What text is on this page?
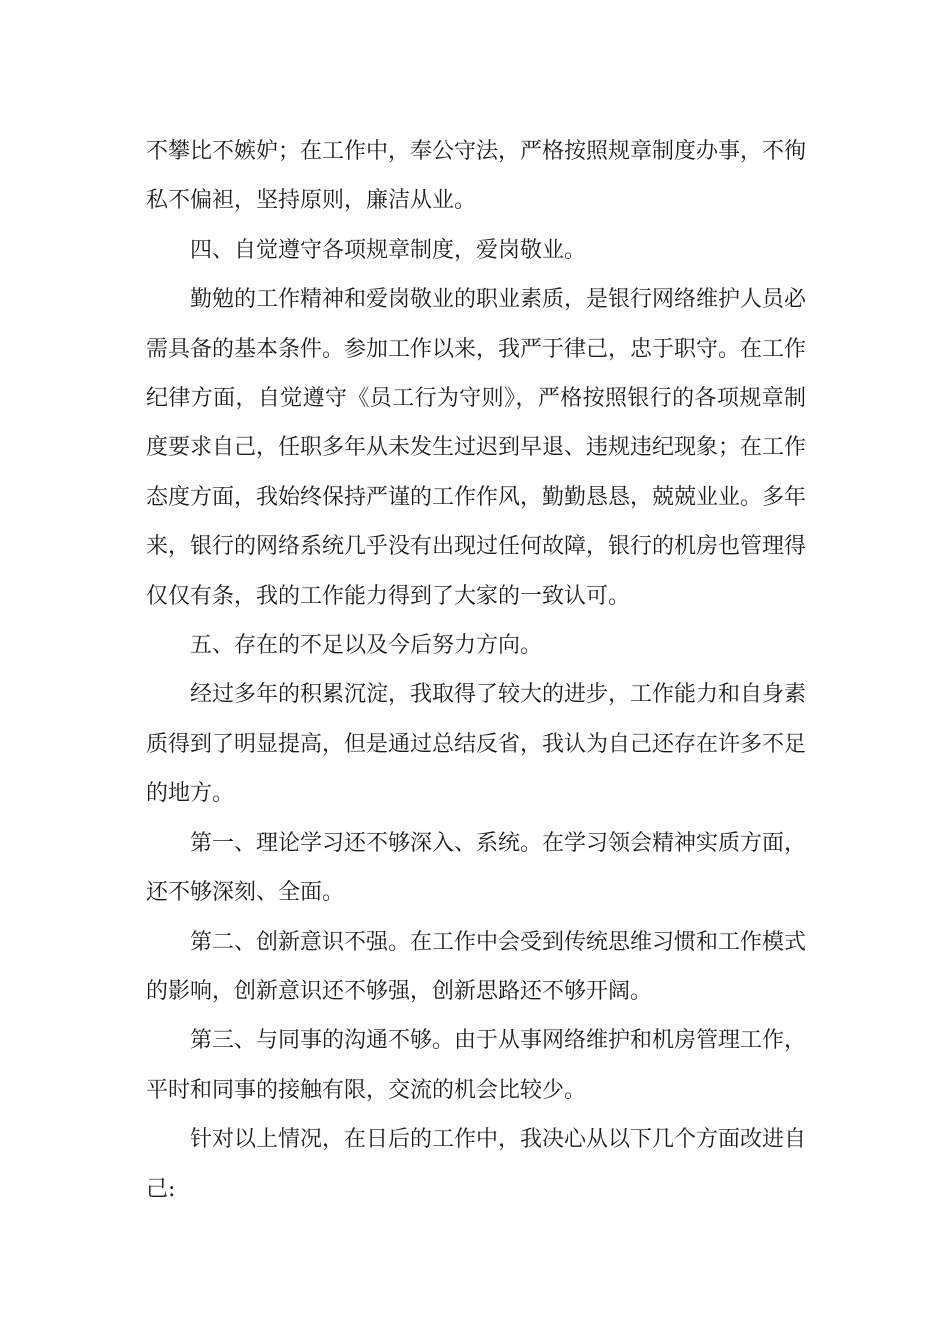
不攀比不嫉妒；在工作中，奉公守法，严格按照规章制度办事，不徇私不偏袒，坚持原则，廉洁从业。

四、自觉遵守各项规章制度，爱岗敬业。

勤勉的工作精神和爱岗敬业的职业素质，是银行网络维护人员必需具备的基本条件。参加工作以来，我严于律己，忠于职守。在工作纪律方面，自觉遵守《员工行为守则》，严格按照银行的各项规章制度要求自己，任职多年从未发生过迟到早退、违规违纪现象；在工作态度方面，我始终保持严谨的工作作风，勤勤恳恳，兢兢业业。多年来，银行的网络系统几乎没有出现过任何故障，银行的机房也管理得仅仅有条，我的工作能力得到了大家的一致认可。

五、存在的不足以及今后努力方向。

经过多年的积累沉淀，我取得了较大的进步，工作能力和自身素质得到了明显提高，但是通过总结反省，我认为自己还存在许多不足的地方。

第一、理论学习还不够深入、系统。在学习领会精神实质方面，还不够深刻、全面。

第二、创新意识不强。在工作中会受到传统思维习惯和工作模式的影响，创新意识还不够强，创新思路还不够开阔。

第三、与同事的沟通不够。由于从事网络维护和机房管理工作，平时和同事的接触有限，交流的机会比较少。

针对以上情况，在日后的工作中，我决心从以下几个方面改进自己:
